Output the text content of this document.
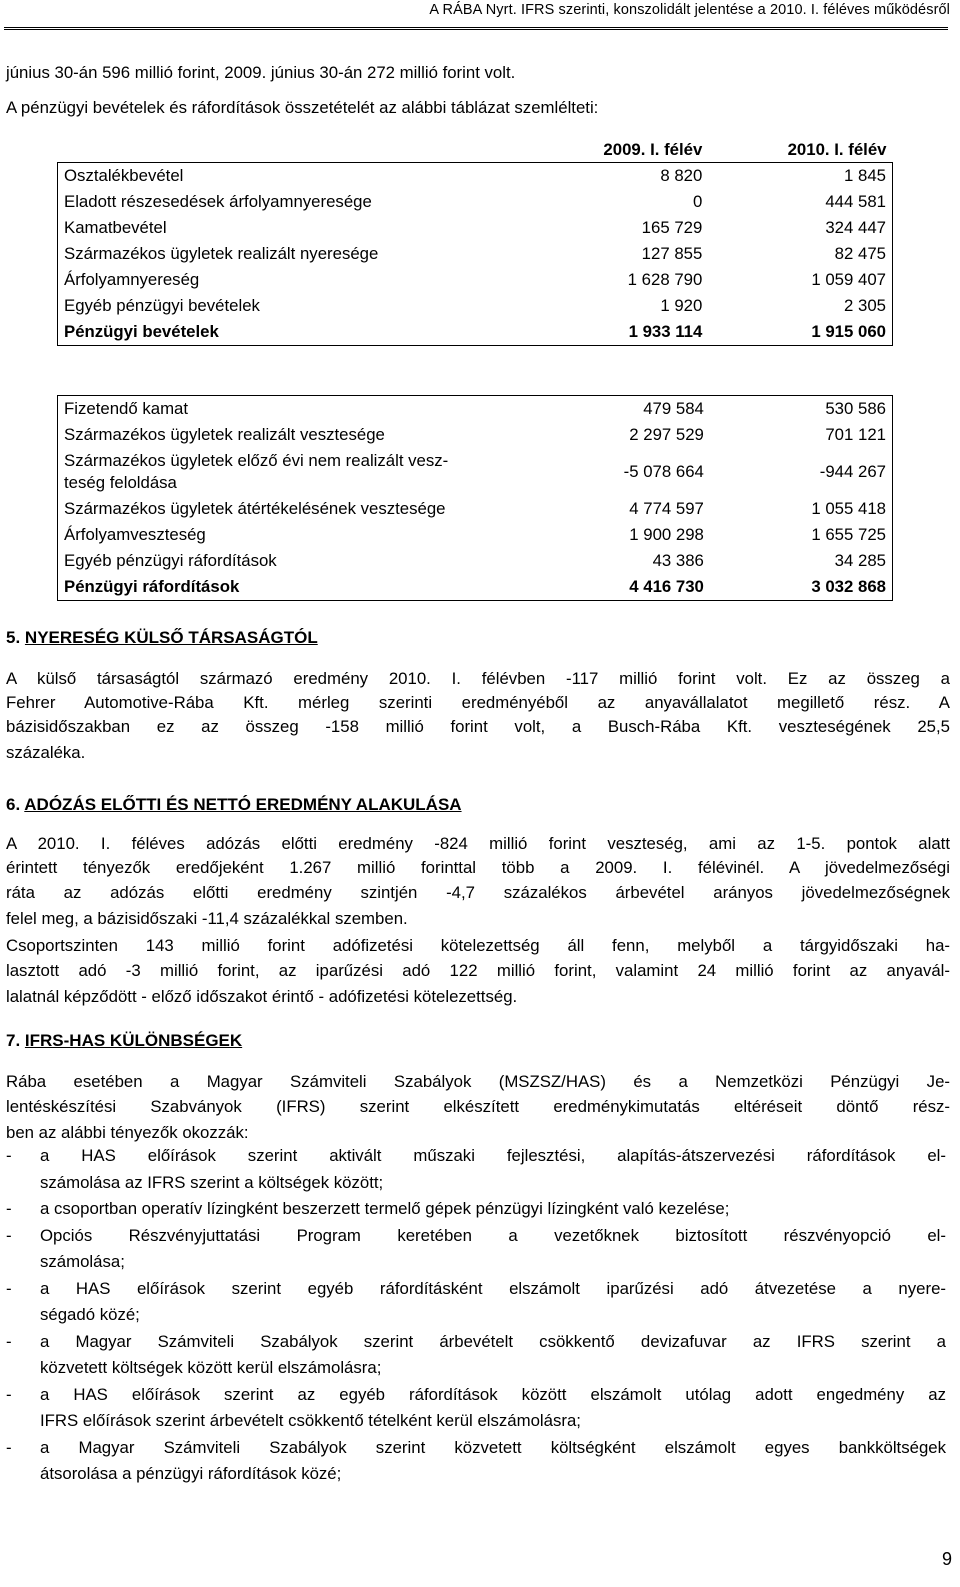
A RÁBA Nyrt. IFRS szerinti, konszolidált jelentése a 2010. I. féléves működésről
június 30-án 596 millió forint, 2009. június 30-án 272 millió forint volt.
A pénzügyi bevételek és ráfordítások összetételét az alábbi táblázat szemlélteti:
	2009. I. félév	2010. I. félév
Osztalékbevétel	8 820	1 845
Eladott részesedések árfolyamnyeresége	0	444 581
Kamatbevétel	165 729	324 447
Származékos ügyletek realizált nyeresége	127 855	82 475
Árfolyamnyereség	1 628 790	1 059 407
Egyéb pénzügyi bevételek	1 920	2 305
Pénzügyi bevételek	1 933 114	1 915 060
Fizetendő kamat	479 584	530 586
Származékos ügyletek realizált vesztesége	2 297 529	701 121

Származékos ügyletek előző évi nem realizált vesz-
teség feloldása	-5 078 664	-944 267
Származékos ügyletek átértékelésének vesztesége	4 774 597	1 055 418
Árfolyamveszteség	1 900 298	1 655 725
Egyéb pénzügyi ráfordítások	43 386	34 285
Pénzügyi ráfordítások	4 416 730	3 032 868
5. NYERESÉG KÜLSŐ TÁRSASÁGTÓL
A külső társaságtól származó eredmény 2010. I. félévben -117 millió forint volt. Ez az összeg a
Fehrer Automotive-Rába Kft. mérleg szerinti eredményéből az anyavállalatot megillető rész. A
bázisidőszakban ez az összeg -158 millió forint volt, a Busch-Rába Kft. veszteségének 25,5
százaléka.
6. ADÓZÁS ELŐTTI ÉS NETTÓ EREDMÉNY ALAKULÁSA
A 2010. I. féléves adózás előtti eredmény -824 millió forint veszteség, ami az 1-5. pontok alatt
érintett tényezők eredőjeként 1.267 millió forinttal több a 2009. I. félévinél. A jövedelmezőségi
ráta az adózás előtti eredmény szintjén -4,7 százalékos árbevétel arányos jövedelmezőségnek
felel meg, a bázisidőszaki -11,4 százalékkal szemben.
Csoportszinten 143 millió forint adófizetési kötelezettség áll fenn, melyből a tárgyidőszaki ha-
lasztott adó -3 millió forint, az iparűzési adó 122 millió forint, valamint 24 millió forint az anyavál-
lalatnál képződött - előző időszakot érintő - adófizetési kötelezettség.
7. IFRS-HAS KÜLÖNBSÉGEK
Rába esetében a Magyar Számviteli Szabályok (MSZSZ/HAS) és a Nemzetközi Pénzügyi Je-
lentéskészítési Szabványok (IFRS) szerint elkészített eredménykimutatás eltéréseit döntő rész-
ben az alábbi tényezők okozzák:
- a HAS előírások szerint aktivált műszaki fejlesztési, alapítás-átszervezési ráfordítások el-
számolása az IFRS szerint a költségek között;
- a csoportban operatív lízingként beszerzett termelő gépek pénzügyi lízingként való kezelése;
- Opciós Részvényjuttatási Program keretében a vezetőknek biztosított részvényopció el-
számolása;
- a HAS előírások szerint egyéb ráfordításként elszámolt iparűzési adó átvezetése a nyere-
ségadó közé;
- a Magyar Számviteli Szabályok szerint árbevételt csökkentő devizafuvar az IFRS szerint a
közvetett költségek között kerül elszámolásra;
- a HAS előírások szerint az egyéb ráfordítások között elszámolt utólag adott engedmény az
IFRS előírások szerint árbevételt csökkentő tételként kerül elszámolásra;
- a Magyar Számviteli Szabályok szerint közvetett költségként elszámolt egyes bankköltségek
átsorolása a pénzügyi ráfordítások közé;
9
